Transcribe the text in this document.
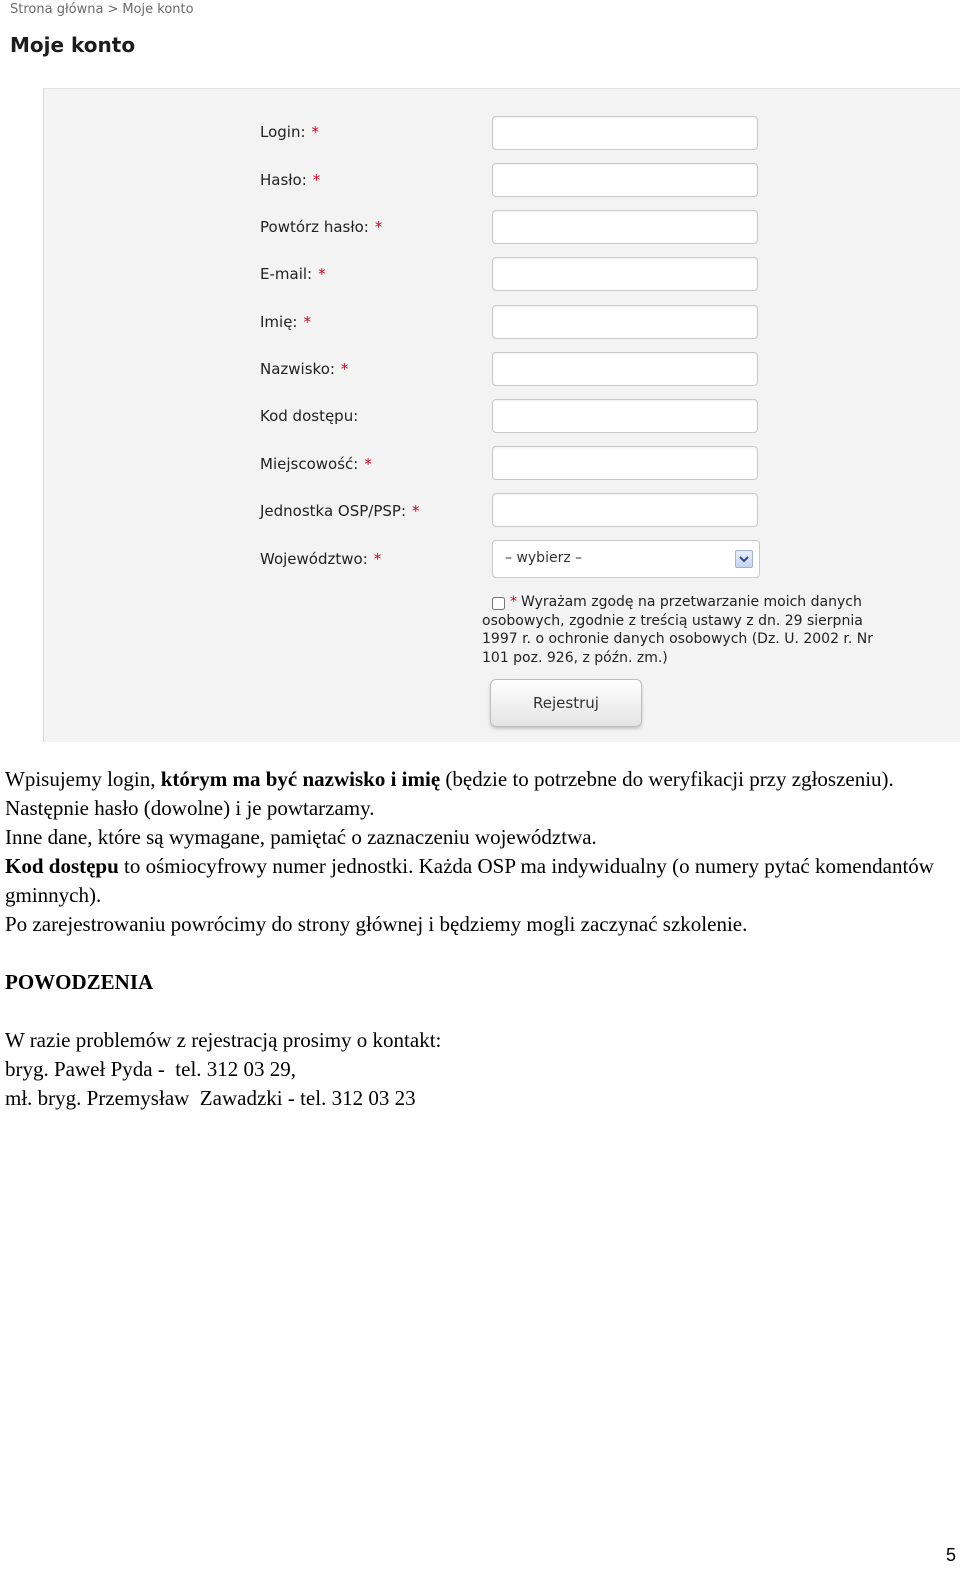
Strona główna > Moje konto
Moje konto
Login: *
Hasło: *
Powtórz hasło: *
E-mail: *
Imię: *
Nazwisko: *
Kod dostępu:
Miejscowość: *
Jednostka OSP/PSP: *
Województwo: *	– wybierz –
* Wyrażam zgodę na przetwarzanie moich danych
osobowych, zgodnie z treścią ustawy z dn. 29 sierpnia
1997 r. o ochronie danych osobowych (Dz. U. 2002 r. Nr
101 poz. 926, z późn. zm.)
Rejestruj

Wpisujemy login, którym ma być nazwisko i imię (będzie to potrzebne do weryfikacji przy zgłoszeniu).

Następnie hasło (dowolne) i je powtarzamy.

Inne dane, które są wymagane, pamiętać o zaznaczeniu województwa.

Kod dostępu to ośmiocyfrowy numer jednostki. Każda OSP ma indywidualny (o numery pytać komendantów gminnych).

Po zarejestrowaniu powrócimy do strony głównej i będziemy mogli zaczynać szkolenie.

POWODZENIA

W razie problemów z rejestracją prosimy o kontakt:

bryg. Paweł Pyda -  tel. 312 03 29,

mł. bryg. Przemysław  Zawadzki - tel. 312 03 23

5
